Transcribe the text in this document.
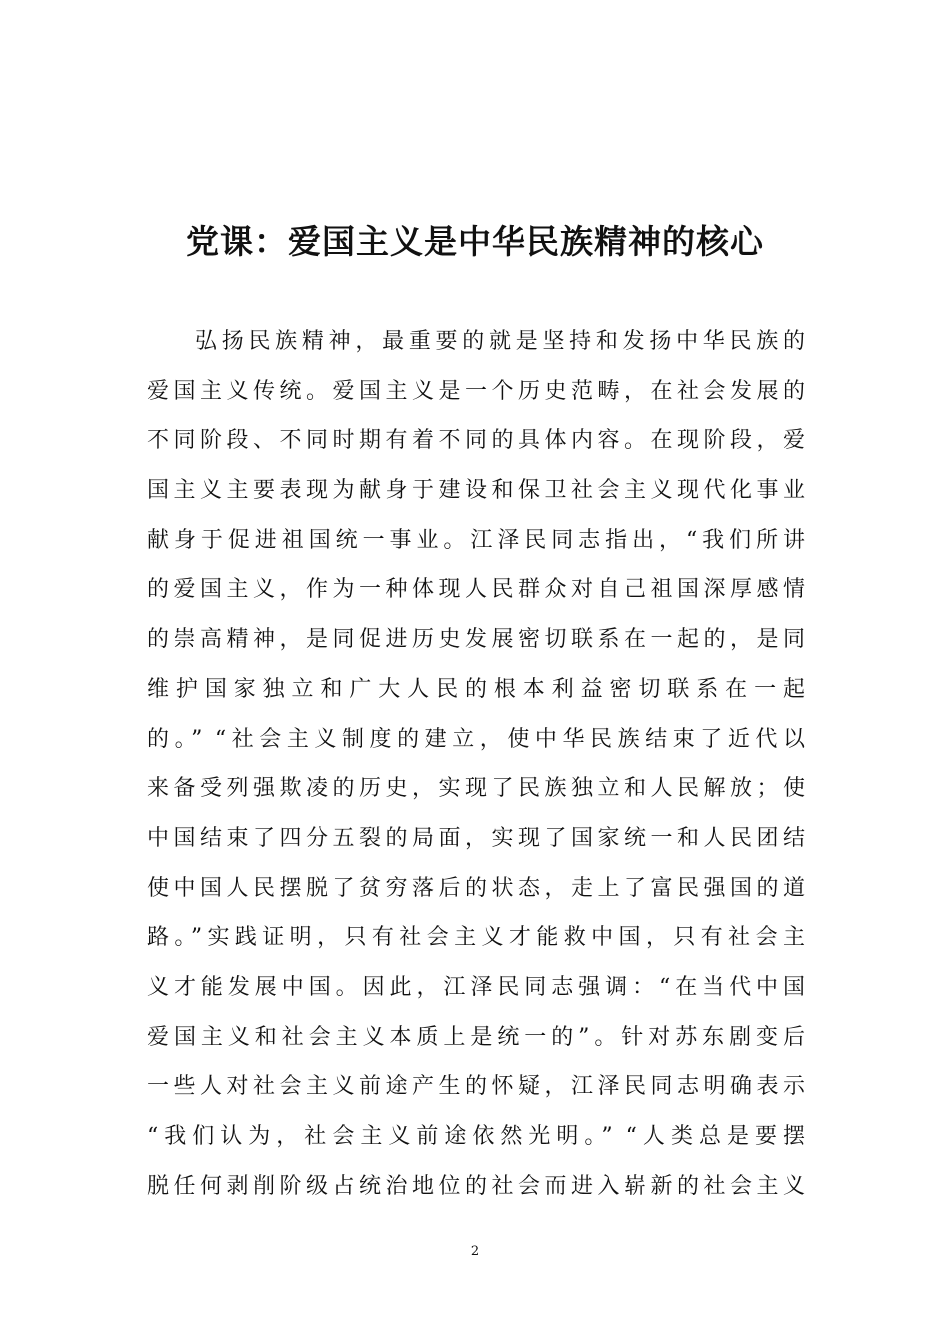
党课：爱国主义是中华民族精神的核心
弘扬民族精神，最重要的就是坚持和发扬中华民族的
爱国主义传统。爱国主义是一个历史范畴，在社会发展的
不同阶段、不同时期有着不同的具体内容。在现阶段，爱
国主义主要表现为献身于建设和保卫社会主义现代化事业
献身于促进祖国统一事业。江泽民同志指出，“我们所讲
的爱国主义，作为一种体现人民群众对自己祖国深厚感情
的崇高精神，是同促进历史发展密切联系在一起的，是同
维护国家独立和广大人民的根本利益密切联系在一起
的。” “社会主义制度的建立，使中华民族结束了近代以
来备受列强欺凌的历史，实现了民族独立和人民解放；使
中国结束了四分五裂的局面，实现了国家统一和人民团结
使中国人民摆脱了贫穷落后的状态，走上了富民强国的道
路。”实践证明，只有社会主义才能救中国，只有社会主
义才能发展中国。因此，江泽民同志强调：“在当代中国
爱国主义和社会主义本质上是统一的”。针对苏东剧变后
一些人对社会主义前途产生的怀疑，江泽民同志明确表示
“我们认为，社会主义前途依然光明。” “人类总是要摆
脱任何剥削阶级占统治地位的社会而进入崭新的社会主义
2
